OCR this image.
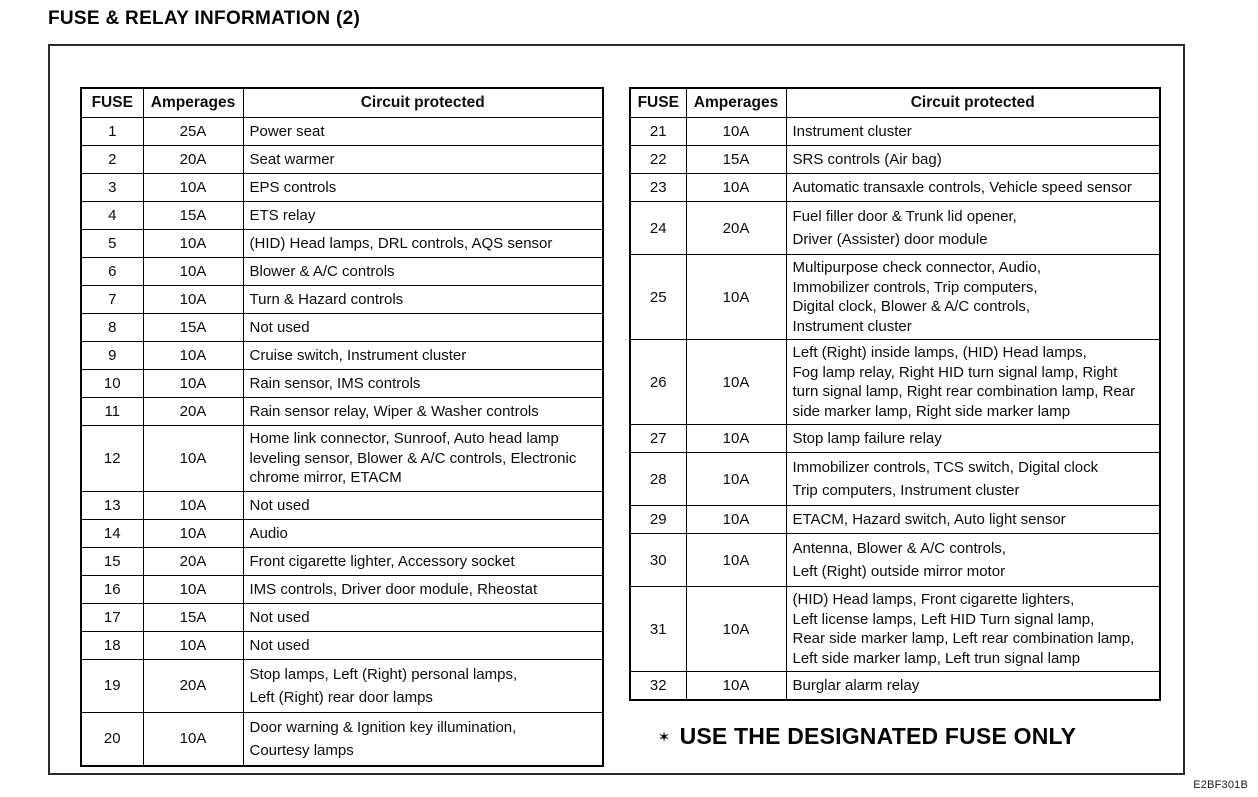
FUSE & RELAY INFORMATION (2)
FUSE	Amperages	Circuit protected
1	25A	Power seat

2	20A	Seat warmer

3	10A	EPS controls

4	15A	ETS relay

5	10A	(HID) Head lamps, DRL controls, AQS sensor

6	10A	Blower & A/C controls

7	10A	Turn & Hazard controls

8	15A	Not used

9	10A	Cruise switch, Instrument cluster

10	10A	Rain sensor, IMS controls

11	20A	Rain sensor relay, Wiper & Washer controls

12	10A	Home link connector, Sunroof, Auto head lamp
leveling sensor, Blower & A/C controls, Electronic
chrome mirror, ETACM

13	10A	Not used

14	10A	Audio

15	20A	Front cigarette lighter, Accessory socket

16	10A	IMS controls, Driver door module, Rheostat

17	15A	Not used

18	10A	Not used

19	20A	Stop lamps, Left (Right) personal lamps,
Left (Right) rear door lamps

20	10A	Door warning & Ignition key illumination,
Courtesy lamps
FUSE	Amperages	Circuit protected
21	10A	Instrument cluster

22	15A	SRS controls (Air bag)

23	10A	Automatic transaxle controls, Vehicle speed sensor

24	20A	Fuel filler door & Trunk lid opener,
Driver (Assister) door module

25	10A	Multipurpose check connector, Audio,
Immobilizer controls, Trip computers,
Digital clock, Blower & A/C controls,
Instrument cluster

26	10A	Left (Right) inside lamps, (HID) Head lamps,
Fog lamp relay, Right HID turn signal lamp, Right
turn signal lamp, Right rear combination lamp, Rear
side marker lamp, Right side marker lamp

27	10A	Stop lamp failure relay

28	10A	Immobilizer controls, TCS switch, Digital clock
Trip computers, Instrument cluster

29	10A	ETACM, Hazard switch, Auto light sensor

30	10A	Antenna, Blower & A/C controls,
Left (Right) outside mirror motor

31	10A	(HID) Head lamps, Front cigarette lighters,
Left license lamps, Left HID Turn signal lamp,
Rear side marker lamp, Left rear combination lamp,
Left side marker lamp, Left trun signal lamp

32	10A	Burglar alarm relay
✶ USE THE DESIGNATED FUSE ONLY
E2BF301B
